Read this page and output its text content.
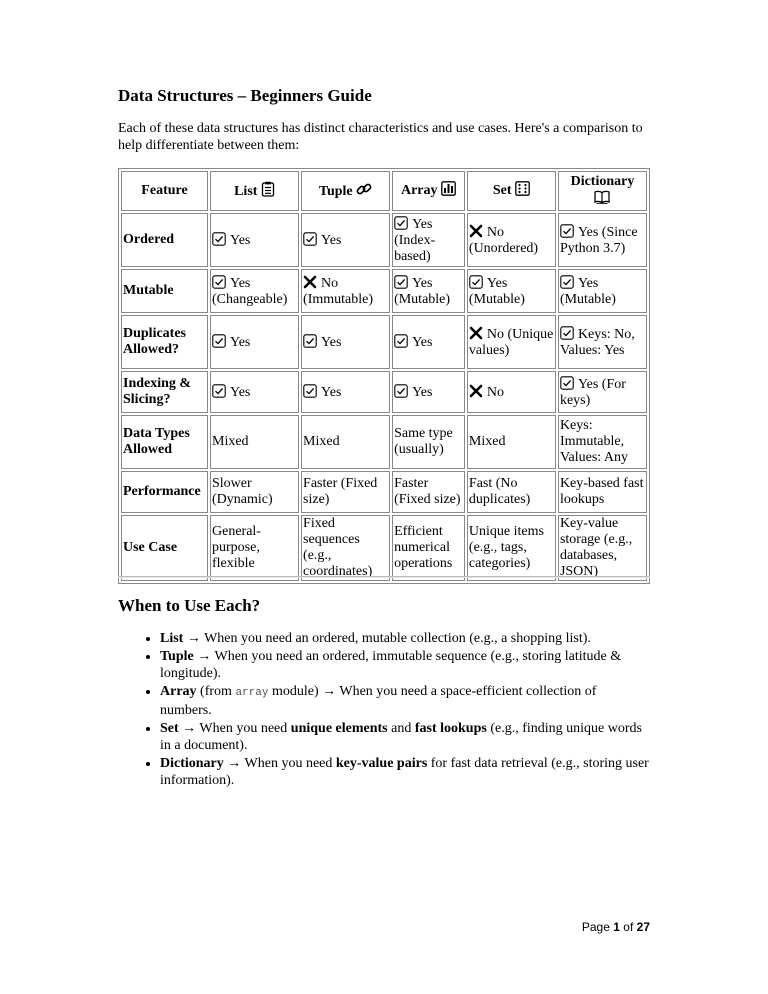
Data Structures – Beginners Guide

Each of these data structures has distinct characteristics and use cases. Here's a comparison to help differentiate between them:

Feature	List	Tuple	Array	Set	Dictionary

Ordered	Yes	Yes	Yes (Index-based)	No (Unordered)	Yes (Since Python 3.7)
Mutable	Yes (Changeable)	No (Immutable)	Yes (Mutable)	Yes (Mutable)	Yes (Mutable)
Duplicates Allowed?	Yes	Yes	Yes	No (Unique values)	Keys: No, Values: Yes
Indexing & Slicing?	Yes	Yes	Yes	No	Yes (For keys)
Data Types Allowed	Mixed	Mixed	Same type (usually)	Mixed	Keys: Immutable, Values: Any
Performance	Slower (Dynamic)	Faster (Fixed size)	Faster (Fixed size)	Fast (No duplicates)	Key-based fast lookups
Use Case	General-purpose, flexible	Fixed sequences (e.g., coordinates)	Efficient numerical operations	Unique items (e.g., tags, categories)	Key-value storage (e.g., databases, JSON)
When to Use Each?
• List → When you need an ordered, mutable collection (e.g., a shopping list).
• Tuple → When you need an ordered, immutable sequence (e.g., storing latitude & longitude).
• Array (from array module) → When you need a space-efficient collection of numbers.
• Set → When you need unique elements and fast lookups (e.g., finding unique words in a document).
• Dictionary → When you need key-value pairs for fast data retrieval (e.g., storing user information).
Page 1 of 27
